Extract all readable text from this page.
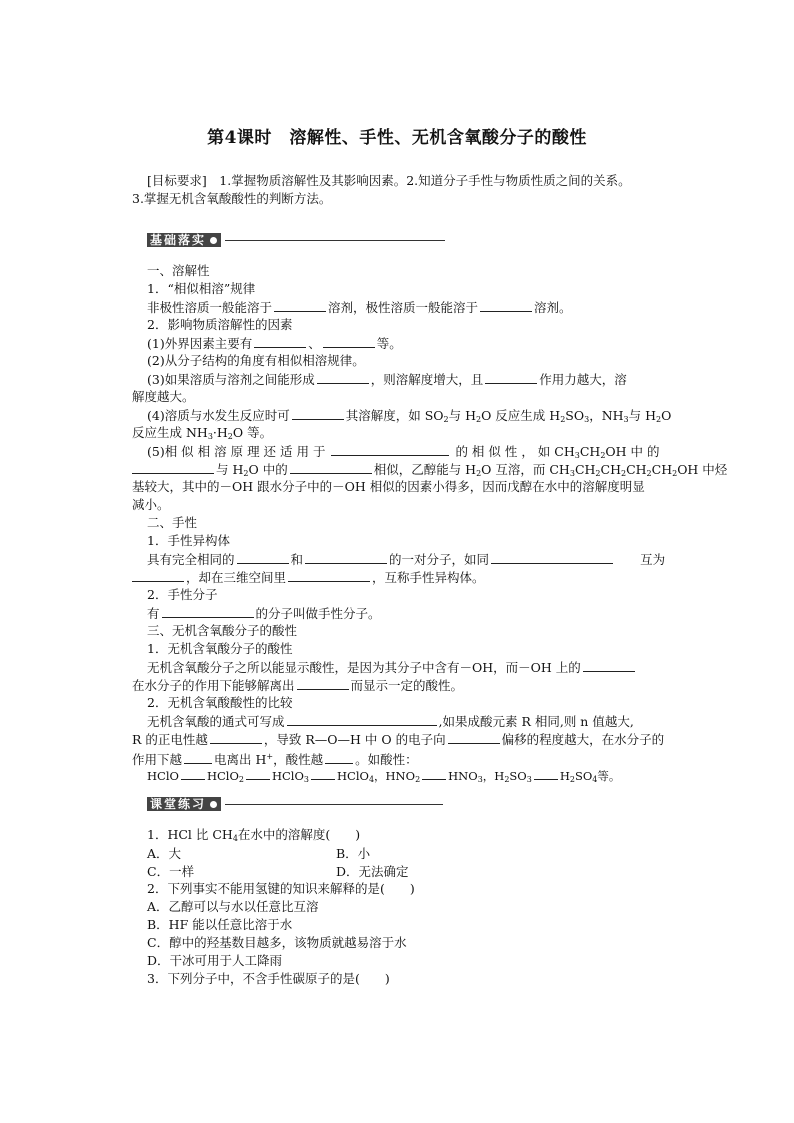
第4课时　溶解性、手性、无机含氧酸分子的酸性
[目标要求]　 1.掌握物质溶解性及其影响因素。2.知道分子手性与物质性质之间的关系。
3.掌握无机含氧酸酸性的判断方法。
基础落实
一、溶解性
1．“相似相溶”规律
非极性溶质一般能溶于	溶剂，极性溶质一般能溶于	溶剂。
2．影响物质溶解性的因素
(1)外界因素主要有	、	等。
(2)从分子结构的角度有相似相溶规律。
(3)如果溶质与溶剂之间能形成	，则溶解度增大，且	作用力越大，溶
解度越大。
(4)溶质与水发生反应时可	其溶解度，如 SO2与 H2O 反应生成 H2SO3，NH3与 H2O
反应生成 NH3·H2O 等。
(5)相 似 相 溶 原 理 还 适 用 于	的 相 似 性 ， 如 CH3CH2OH 中 的
与 H2O 中的	相似，乙醇能与 H2O 互溶，而 CH3CH2CH2CH2CH2OH 中烃
基较大，其中的－OH 跟水分子中的－OH 相似的因素小得多，因而戊醇在水中的溶解度明显
减小。
二、手性
1．手性异构体
具有完全相同的	和	的一对分子，如同　　	互为
，却在三维空间里	，互称手性异构体。
2．手性分子
有	的分子叫做手性分子。
三、无机含氧酸分子的酸性
1．无机含氧酸分子的酸性
无机含氧酸分子之所以能显示酸性，是因为其分子中含有－OH，而－OH 上的
在水分子的作用下能够解离出	而显示一定的酸性。
2．无机含氧酸酸性的比较
无机含氧酸的通式可写成	,如果成酸元素 R 相同,则 n 值越大,
R 的正电性越	，导致 R—O—H 中 O 的电子向	偏移的程度越大，在水分子的
作用下越	电离出 H+，酸性越	。如酸性：
HClO HClO2 HClO3 HClO4，HNO2 HNO3，H2SO3 H2SO4等。
课堂练习
1．HCl 比 CH4在水中的溶解度(　　)
A．大	B．小
C．一样	D．无法确定
2．下列事实不能用氢键的知识来解释的是(　　)
A．乙醇可以与水以任意比互溶
B．HF 能以任意比溶于水
C．醇中的羟基数目越多，该物质就越易溶于水
D．干冰可用于人工降雨
3．下列分子中，不含手性碳原子的是(　　)
